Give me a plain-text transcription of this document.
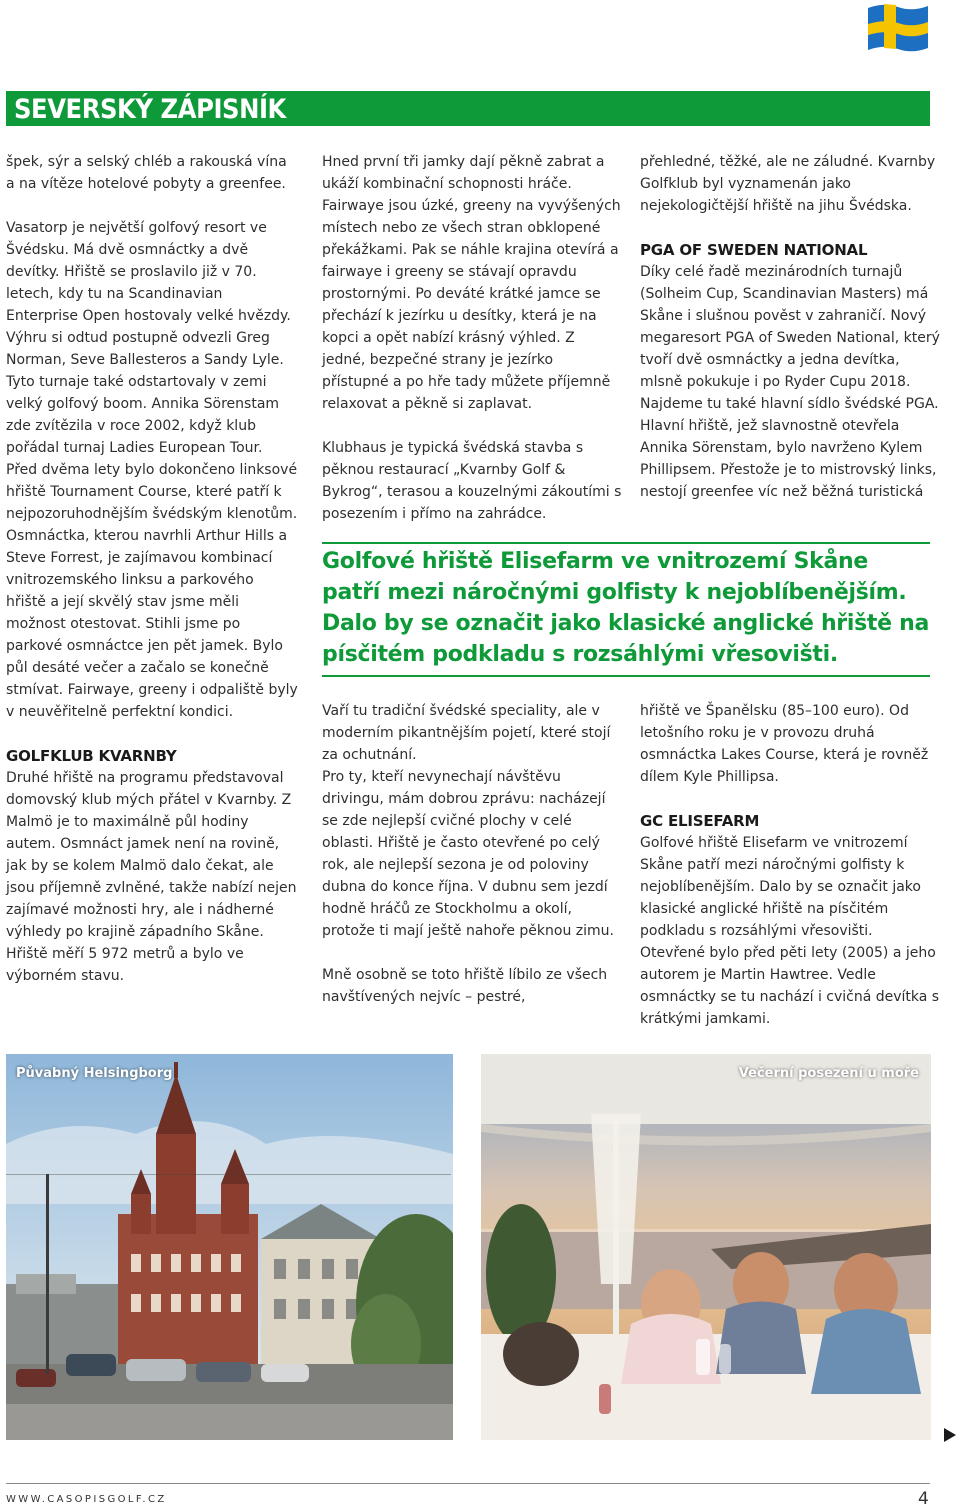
SEVERSKÝ ZÁPISNÍK

špek, sýr a selský chléb a rakouská vína a na vítěze hotelové pobyty a greenfee.

Vasatorp je největší golfový resort ve Švédsku. Má dvě osmnáctky a dvě devítky. Hřiště se proslavilo již v 70. letech, kdy tu na Scandinavian Enterprise Open hostovaly velké hvězdy. Výhru si odtud postupně odvezli Greg Norman, Seve Ballesteros a Sandy Lyle. Tyto turnaje také odstartovaly v zemi velký golfový boom. Annika Sörenstam zde zvítězila v roce 2002, když klub pořádal turnaj Ladies European Tour.

Před dvěma lety bylo dokončeno linksové hřiště Tournament Course, které patří k nejpozoruhodnějším švédským klenotům. Osmnáctka, kterou navrhli Arthur Hills a Steve Forrest, je zajímavou kombinací vnitrozemského linksu a parkového hřiště a její skvělý stav jsme měli možnost otestovat. Stihli jsme po parkové osmnáctce jen pět jamek. Bylo půl desáté večer a začalo se konečně stmívat. Fairwaye, greeny i odpaliště byly v neuvěřitelně perfektní kondici.

GOLFKLUB KVARNBY

Druhé hřiště na programu představoval domovský klub mých přátel v Kvarnby. Z Malmö je to maximálně půl hodiny autem. Osmnáct jamek není na rovině, jak by se kolem Malmö dalo čekat, ale jsou příjemně zvlněné, takže nabízí nejen zajímavé možnosti hry, ale i nádherné výhledy po krajině západního Skåne. Hřiště měří 5 972 metrů a bylo ve výborném stavu.

Hned první tři jamky dají pěkně zabrat a ukáží kombinační schopnosti hráče. Fairwaye jsou úzké, greeny na vyvýšených místech nebo ze všech stran obklopené překážkami. Pak se náhle krajina otevírá a fairwaye i greeny se stávají opravdu prostornými. Po deváté krátké jamce se přechází k jezírku u desítky, která je na kopci a opět nabízí krásný výhled. Z jedné, bezpečné strany je jezírko přístupné a po hře tady můžete příjemně relaxovat a pěkně si zaplavat.

Klubhaus je typická švédská stavba s pěknou restaurací „Kvarnby Golf & Bykrog“, terasou a kouzelnými zákoutími s posezením i přímo na zahrádce.

přehledné, těžké, ale ne záludné. Kvarnby Golfklub byl vyznamenán jako nejekologičtější hřiště na jihu Švédska.

PGA OF SWEDEN NATIONAL

Díky celé řadě mezinárodních turnajů (Solheim Cup, Scandinavian Masters) má Skåne i slušnou pověst v zahraničí. Nový megaresort PGA of Sweden National, který tvoří dvě osmnáctky a jedna devítka, mlsně pokukuje i po Ryder Cupu 2018. Najdeme tu také hlavní sídlo švédské PGA. Hlavní hřiště, jež slavnostně otevřela Annika Sörenstam, bylo navrženo Kylem Phillipsem. Přestože je to mistrovský links, nestojí greenfee víc než běžná turistická

Golfové hřiště Elisefarm ve vnitrozemí Skåne patří mezi náročnými golfisty k nejoblíbenějším. Dalo by se označit jako klasické anglické hřiště na písčitém podkladu s rozsáhlými vřesovišti.

Vaří tu tradiční švédské speciality, ale v moderním pikantnějším pojetí, které stojí za ochutnání.

Pro ty, kteří nevynechají návštěvu drivingu, mám dobrou zprávu: nacházejí se zde nejlepší cvičné plochy v celé oblasti. Hřiště je často otevřené po celý rok, ale nejlepší sezona je od poloviny dubna do konce října. V dubnu sem jezdí hodně hráčů ze Stockholmu a okolí, protože ti mají ještě nahoře pěknou zimu.

Mně osobně se toto hřiště líbilo ze všech navštívených nejvíc – pestré,

hřiště ve Španělsku (85–100 euro). Od letošního roku je v provozu druhá osmnáctka Lakes Course, která je rovněž dílem Kyle Phillipsa.

GC ELISEFARM

Golfové hřiště Elisefarm ve vnitrozemí Skåne patří mezi náročnými golfisty k nejoblíbenějším. Dalo by se označit jako klasické anglické hřiště na písčitém podkladu s rozsáhlými vřesovišti. Otevřené bylo před pěti lety (2005) a jeho autorem je Martin Hawtree. Vedle osmnáctky se tu nachází i cvičná devítka s krátkými jamkami.

Půvabný Helsingborg	Večerní posezení u moře
WWW.CASOPISGOLF.CZ	4
